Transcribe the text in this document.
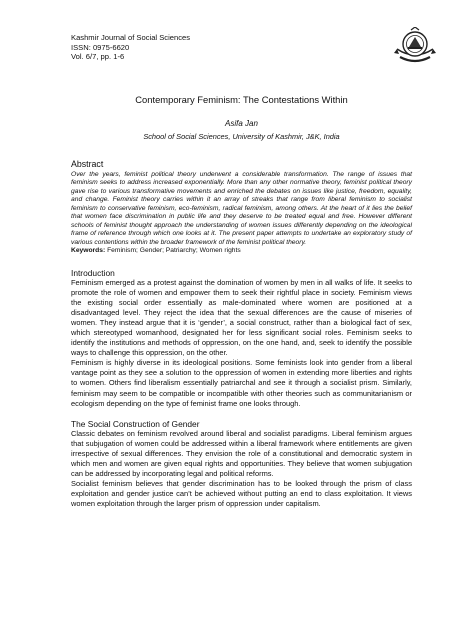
Kashmir Journal of Social Sciences
ISSN: 0975-6620
Vol. 6/7, pp. 1-6
Contemporary Feminism: The Contestations Within
Asifa Jan
School of Social Sciences, University of Kashmir, J&K, India
Abstract
Over the years, feminist political theory underwent a considerable transformation. The range of issues that feminism seeks to address increased exponentially. More than any other normative theory, feminist political theory gave rise to various transformative movements and enriched the debates on issues like justice, freedom, equality, and change. Feminist theory carries within it an array of streaks that range from liberal feminism to socialist feminism to conservative feminism, eco-feminism, radical feminism, among others. At the heart of it lies the belief that women face discrimination in public life and they deserve to be treated equal and free. However different schools of feminist thought approach the understanding of women issues differently depending on the ideological frame of reference through which one looks at it. The present paper attempts to undertake an exploratory study of various contentions within the broader framework of the feminist political theory.
Keywords: Feminism; Gender; Patriarchy; Women rights
Introduction

Feminism emerged as a protest against the domination of women by men in all walks of life. It seeks to promote the role of women and empower them to seek their rightful place in society. Feminism views the existing social order essentially as male-dominated where women are positioned at a disadvantaged level. They reject the idea that the sexual differences are the cause of miseries of women. They instead argue that it is ‘gender’, a social construct, rather than a biological fact of sex, which stereotyped womanhood, designated her for less significant social roles. Feminism seeks to identify the institutions and methods of oppression, on the one hand, and, seek to identify the possible ways to challenge this oppression, on the other.

Feminism is highly diverse in its ideological positions. Some feminists look into gender from a liberal vantage point as they see a solution to the oppression of women in extending more liberties and rights to women. Others find liberalism essentially patriarchal and see it through a socialist prism. Similarly, feminism may seem to be compatible or incompatible with other theories such as communitarianism or ecologism depending on the type of feminist frame one looks through.

The Social Construction of Gender

Classic debates on feminism revolved around liberal and socialist paradigms. Liberal feminism argues that subjugation of women could be addressed within a liberal framework where entitlements are given irrespective of sexual differences. They envision the role of a constitutional and democratic system in which men and women are given equal rights and opportunities. They believe that women subjugation can be addressed by incorporating legal and political reforms.

Socialist feminism believes that gender discrimination has to be looked through the prism of class exploitation and gender justice can’t be achieved without putting an end to class exploitation. It views women exploitation through the larger prism of oppression under capitalism.
